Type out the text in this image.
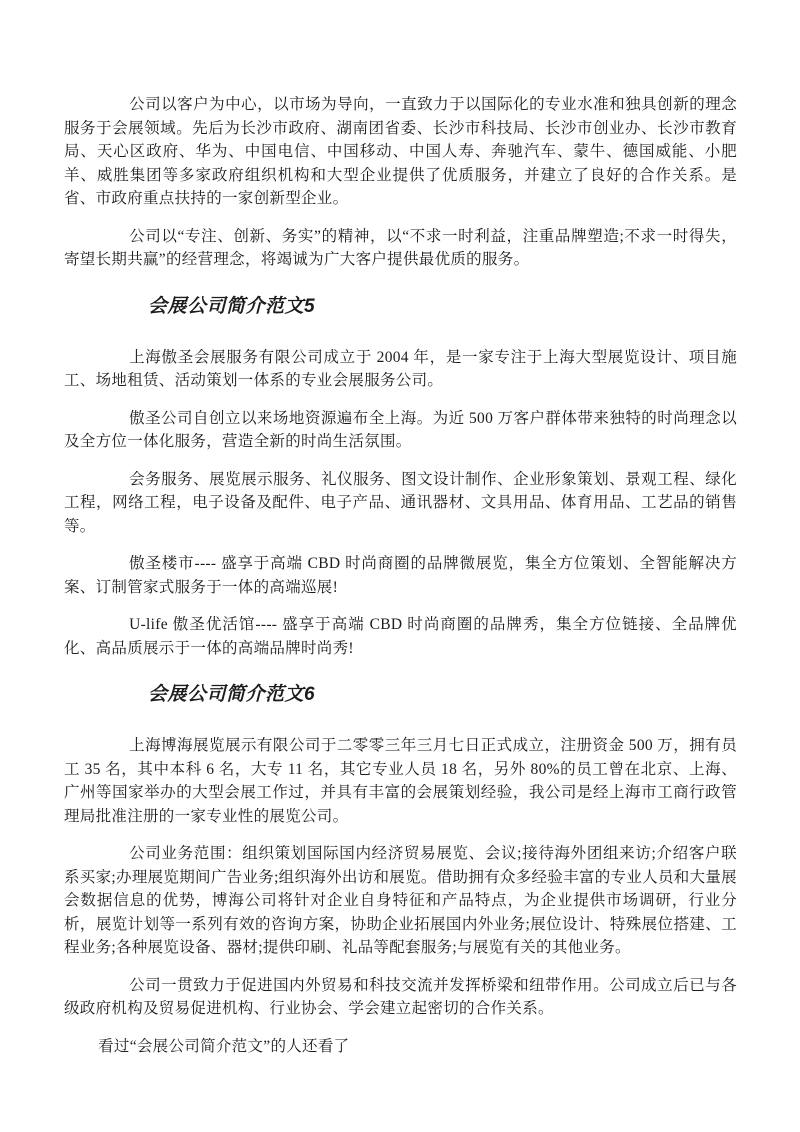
公司以客户为中心，以市场为导向，一直致力于以国际化的专业水准和独具创新的理念服务于会展领域。先后为长沙市政府、湖南团省委、长沙市科技局、长沙市创业办、长沙市教育局、天心区政府、华为、中国电信、中国移动、中国人寿、奔驰汽车、蒙牛、德国威能、小肥羊、威胜集团等多家政府组织机构和大型企业提供了优质服务，并建立了良好的合作关系。是省、市政府重点扶持的一家创新型企业。

公司以“专注、创新、务实”的精神，以“不求一时利益，注重品牌塑造;不求一时得失，寄望长期共赢”的经营理念，将竭诚为广大客户提供最优质的服务。

会展公司简介范文5

上海傲圣会展服务有限公司成立于 2004 年，是一家专注于上海大型展览设计、项目施工、场地租赁、活动策划一体系的专业会展服务公司。

傲圣公司自创立以来场地资源遍布全上海。为近 500 万客户群体带来独特的时尚理念以及全方位一体化服务，营造全新的时尚生活氛围。

会务服务、展览展示服务、礼仪服务、图文设计制作、企业形象策划、景观工程、绿化工程，网络工程，电子设备及配件、电子产品、通讯器材、文具用品、体育用品、工艺品的销售等。

傲圣楼市---- 盛享于高端 CBD 时尚商圈的品牌微展览，集全方位策划、全智能解决方案、订制管家式服务于一体的高端巡展!

U-life 傲圣优活馆---- 盛享于高端 CBD 时尚商圈的品牌秀，集全方位链接、全品牌优化、高品质展示于一体的高端品牌时尚秀!

会展公司简介范文6

上海博海展览展示有限公司于二零零三年三月七日正式成立，注册资金 500 万，拥有员工 35 名，其中本科 6 名，大专 11 名，其它专业人员 18 名，另外 80%的员工曾在北京、上海、广州等国家举办的大型会展工作过，并具有丰富的会展策划经验，我公司是经上海市工商行政管理局批准注册的一家专业性的展览公司。

公司业务范围：组织策划国际国内经济贸易展览、会议;接待海外团组来访;介绍客户联系买家;办理展览期间广告业务;组织海外出访和展览。借助拥有众多经验丰富的专业人员和大量展会数据信息的优势，博海公司将针对企业自身特征和产品特点，为企业提供市场调研，行业分析，展览计划等一系列有效的咨询方案，协助企业拓展国内外业务;展位设计、特殊展位搭建、工程业务;各种展览设备、器材;提供印刷、礼品等配套服务;与展览有关的其他业务。

公司一贯致力于促进国内外贸易和科技交流并发挥桥梁和纽带作用。公司成立后已与各级政府机构及贸易促进机构、行业协会、学会建立起密切的合作关系。

看过“会展公司简介范文”的人还看了
